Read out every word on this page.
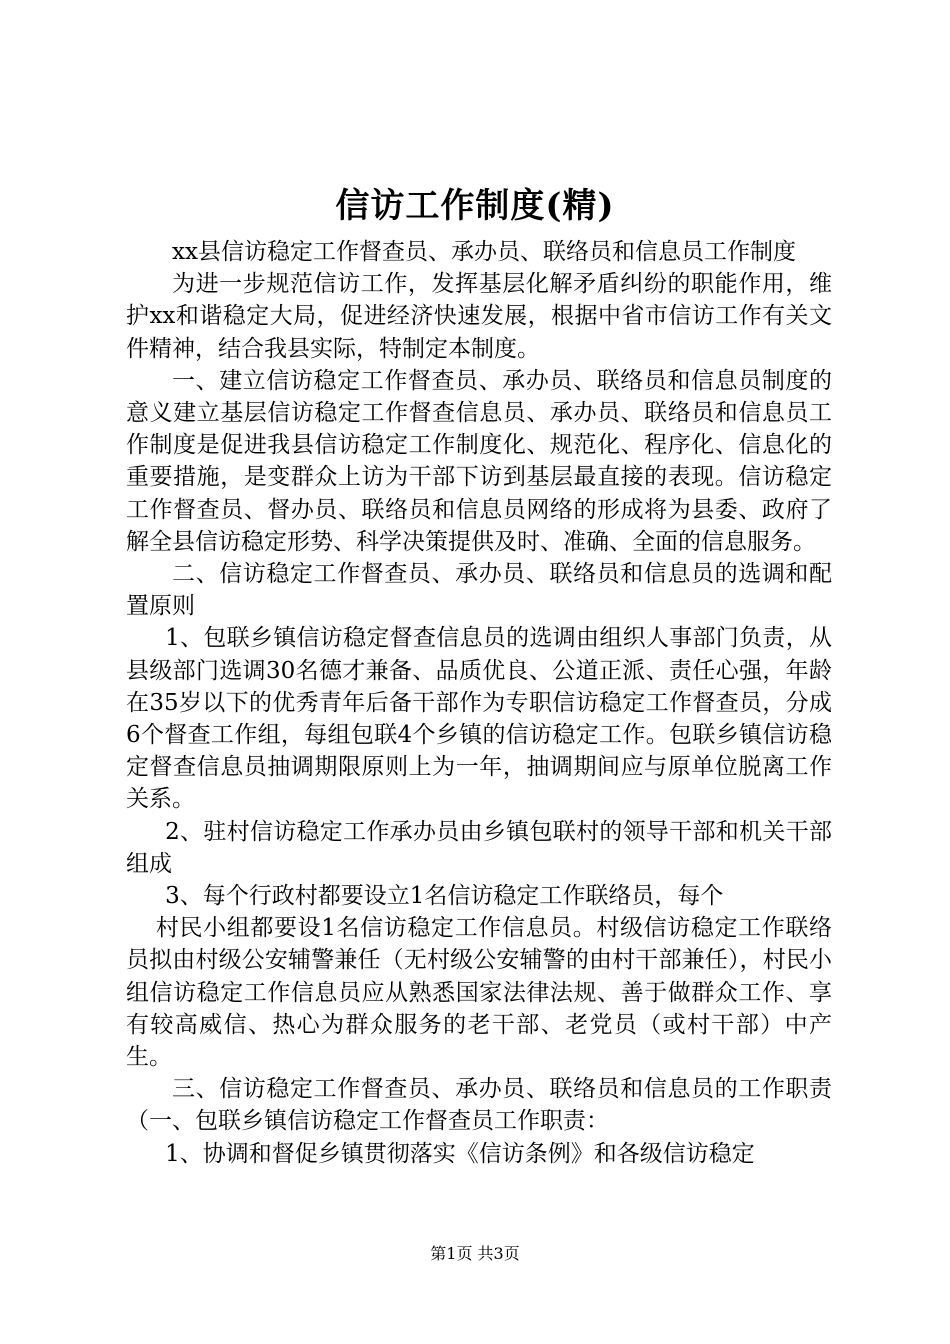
信访工作制度(精)

xx县信访稳定工作督查员、承办员、联络员和信息员工作制度

为进一步规范信访工作，发挥基层化解矛盾纠纷的职能作用，维护xx和谐稳定大局，促进经济快速发展，根据中省市信访工作有关文件精神，结合我县实际，特制定本制度。

一、建立信访稳定工作督查员、承办员、联络员和信息员制度的意义建立基层信访稳定工作督查信息员、承办员、联络员和信息员工作制度是促进我县信访稳定工作制度化、规范化、程序化、信息化的重要措施，是变群众上访为干部下访到基层最直接的表现。信访稳定工作督查员、督办员、联络员和信息员网络的形成将为县委、政府了解全县信访稳定形势、科学决策提供及时、准确、全面的信息服务。

二、信访稳定工作督查员、承办员、联络员和信息员的选调和配置原则

1、包联乡镇信访稳定督查信息员的选调由组织人事部门负责，从县级部门选调30名德才兼备、品质优良、公道正派、责任心强，年龄在35岁以下的优秀青年后备干部作为专职信访稳定工作督查员，分成6个督查工作组，每组包联4个乡镇的信访稳定工作。包联乡镇信访稳定督查信息员抽调期限原则上为一年，抽调期间应与原单位脱离工作关系。

2、驻村信访稳定工作承办员由乡镇包联村的领导干部和机关干部组成

3、每个行政村都要设立1名信访稳定工作联络员，每个

村民小组都要设1名信访稳定工作信息员。村级信访稳定工作联络员拟由村级公安辅警兼任（无村级公安辅警的由村干部兼任），村民小组信访稳定工作信息员应从熟悉国家法律法规、善于做群众工作、享有较高威信、热心为群众服务的老干部、老党员（或村干部）中产生。

三、信访稳定工作督查员、承办员、联络员和信息员的工作职责（一、包联乡镇信访稳定工作督查员工作职责：

1、协调和督促乡镇贯彻落实《信访条例》和各级信访稳定

第1页 共3页
